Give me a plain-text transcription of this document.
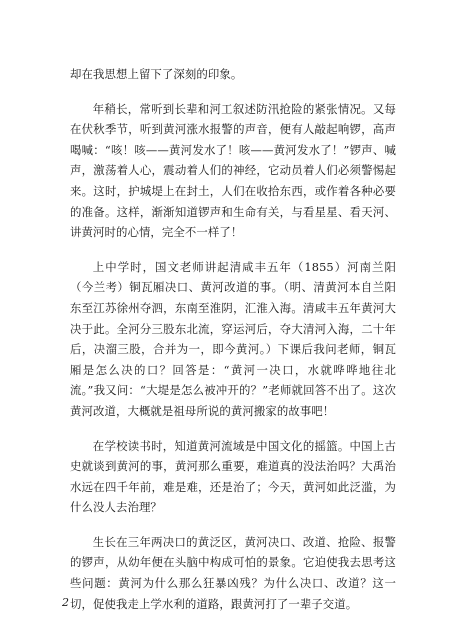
却在我思想上留下了深刻的印象。

年稍长，常听到长辈和河工叙述防汛抢险的紧张情况。又每在伏秋季节，听到黄河涨水报警的声音，便有人敲起响锣，高声喝喊：“咳！咳——黄河发水了！咳——黄河发水了！”锣声、喊声，激荡着人心，震动着人们的神经，它动员着人们必须警惕起来。这时，护城堤上在封土，人们在收拾东西，或作着各种必要的准备。这样，渐渐知道锣声和生命有关，与看星星、看天河、讲黄河时的心情，完全不一样了！

上中学时，国文老师讲起清咸丰五年（1855）河南兰阳（今兰考）铜瓦厢决口、黄河改道的事。（明、清黄河本自兰阳东至江苏徐州夺泗，东南至淮阴，汇淮入海。清咸丰五年黄河大决于此。全河分三股东北流，穿运河后，夺大清河入海，二十年后，决溜三股，合并为一，即今黄河。）下课后我问老师，铜瓦厢是怎么决的口？回答是：“黄河一决口，水就哗哗地往北流。”我又问：“大堤是怎么被冲开的？”老师就回答不出了。这次黄河改道，大概就是祖母所说的黄河搬家的故事吧！

在学校读书时，知道黄河流域是中国文化的摇篮。中国上古史就谈到黄河的事，黄河那么重要，难道真的没法治吗？大禹治水远在四千年前，难是难，还是治了；今天，黄河如此泛滥，为什么没人去治理？

生长在三年两决口的黄泛区，黄河决口、改道、抢险、报警的锣声，从幼年便在头脑中构成可怕的景象。它迫使我去思考这些问题：黄河为什么那么狂暴凶残？为什么决口、改道？这一切，促使我走上学水利的道路，跟黄河打了一辈子交道。

2
